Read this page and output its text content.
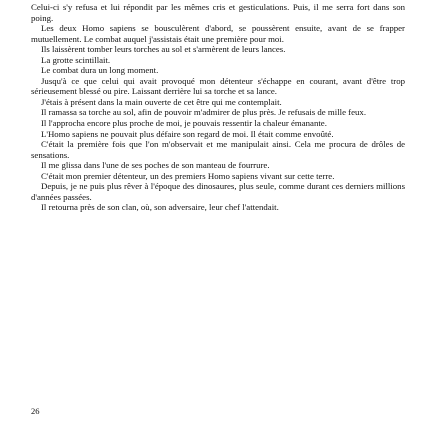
Celui-ci s'y refusa et lui répondit par les mêmes cris et gesticulations. Puis, il me serra fort dans son poing.

Les deux Homo sapiens se bousculèrent d'abord, se poussèrent ensuite, avant de se frapper mutuellement. Le combat auquel j'assistais était une première pour moi.

Ils laissèrent tomber leurs torches au sol et s'armèrent de leurs lances.

La grotte scintillait.

Le combat dura un long moment.

Jusqu'à ce que celui qui avait provoqué mon détenteur s'échappe en courant, avant d'être trop sérieusement blessé ou pire. Laissant derrière lui sa torche et sa lance.

J'étais à présent dans la main ouverte de cet être qui me contemplait.

Il ramassa sa torche au sol, afin de pouvoir m'admirer de plus près. Je refusais de mille feux.

Il l'approcha encore plus proche de moi, je pouvais ressentir la chaleur émanante.

L'Homo sapiens ne pouvait plus défaire son regard de moi. Il était comme envoûté.

C'était la première fois que l'on m'observait et me manipulait ainsi. Cela me procura de drôles de sensations.

Il me glissa dans l'une de ses poches de son manteau de fourrure.

C'était mon premier détenteur, un des premiers Homo sapiens vivant sur cette terre.

Depuis, je ne puis plus rêver à l'époque des dinosaures, plus seule, comme durant ces derniers millions d'années passées.

Il retourna près de son clan, où, son adversaire, leur chef l'attendait.

26
